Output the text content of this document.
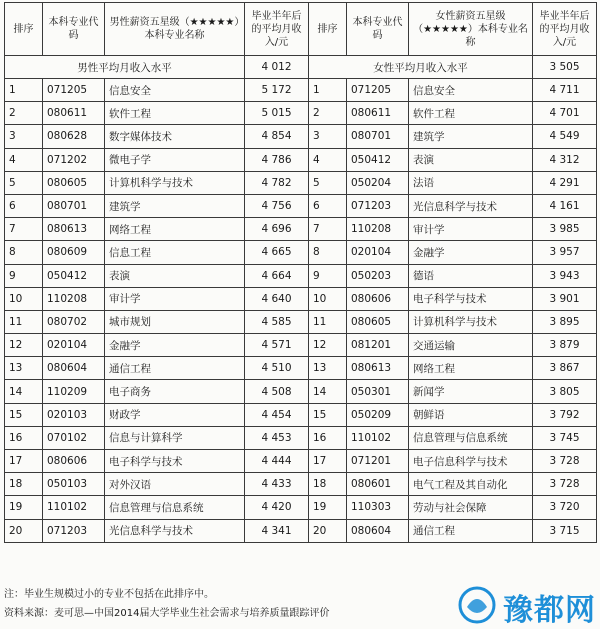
排序	本科专业代码	男性薪资五星级（★★★★★）本科专业名称	毕业半年后的平均月收入/元	排序	本科专业代码	女性薪资五星级（★★★★★）本科专业名称	毕业半年后的平均月收入/元
男性平均月收入水平			4 012	女性平均月收入水平			3 505
1	071205	信息安全	5 172	1	071205	信息安全	4 711
2	080611	软件工程	5 015	2	080611	软件工程	4 701
3	080628	数字媒体技术	4 854	3	080701	建筑学	4 549
4	071202	微电子学	4 786	4	050412	表演	4 312
5	080605	计算机科学与技术	4 782	5	050204	法语	4 291
6	080701	建筑学	4 756	6	071203	光信息科学与技术	4 161
7	080613	网络工程	4 696	7	110208	审计学	3 985
8	080609	信息工程	4 665	8	020104	金融学	3 957
9	050412	表演	4 664	9	050203	德语	3 943
10	110208	审计学	4 640	10	080606	电子科学与技术	3 901
11	080702	城市规划	4 585	11	080605	计算机科学与技术	3 895
12	020104	金融学	4 571	12	081201	交通运输	3 879
13	080604	通信工程	4 510	13	080613	网络工程	3 867
14	110209	电子商务	4 508	14	050301	新闻学	3 805
15	020103	财政学	4 454	15	050209	朝鲜语	3 792
16	070102	信息与计算科学	4 453	16	110102	信息管理与信息系统	3 745
17	080606	电子科学与技术	4 444	17	071201	电子信息科学与技术	3 728
18	050103	对外汉语	4 433	18	080601	电气工程及其自动化	3 728
19	110102	信息管理与信息系统	4 420	19	110303	劳动与社会保障	3 720
20	071203	光信息科学与技术	4 341	20	080604	通信工程	3 715
注：毕业生规模过小的专业不包括在此排序中。
资料来源：麦可思—中国2014届大学毕业生社会需求与培养质量跟踪评价	豫都网
